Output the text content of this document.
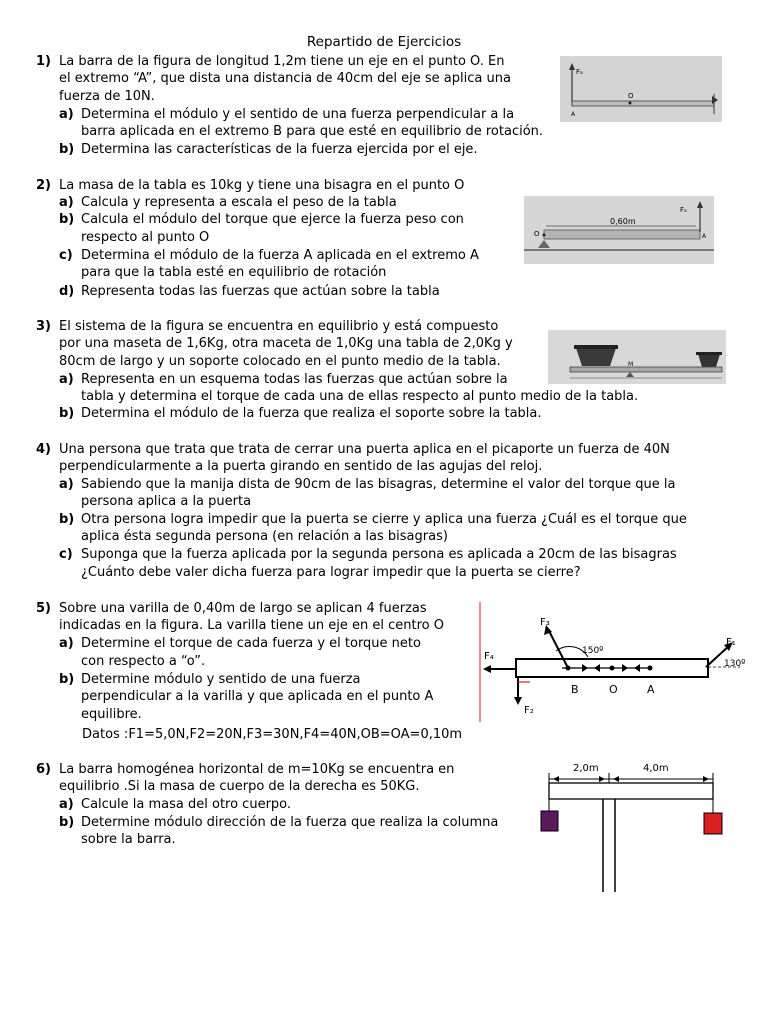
Repartido de Ejercicios
1) La barra de la figura de longitud 1,2m tiene un eje en el punto O. En
el extremo “A”, que dista una distancia de 40cm del eje se aplica una
fuerza de 10N.
a) Determina el módulo y el sentido de una fuerza perpendicular a la
barra aplicada en el extremo B para que esté en equilibrio de rotación.
b) Determina las características de la fuerza ejercida por el eje.
Fₐ
O
A
2) La masa de la tabla es 10kg y tiene una bisagra en el punto O
a) Calcula y representa a escala el peso de la tabla
b) Calcula el módulo del torque que ejerce la fuerza peso con
respecto al punto O
c) Determina el módulo de la fuerza A aplicada en el extremo A
para que la tabla esté en equilibrio de rotación
d) Representa todas las fuerzas que actúan sobre la tabla
0,60m
O
Fₐ
A
3) El sistema de la figura se encuentra en equilibrio y está compuesto
por una maseta de 1,6Kg, otra maceta de 1,0Kg una tabla de 2,0Kg y
80cm de largo y un soporte colocado en el punto medio de la tabla.
a) Representa en un esquema todas las fuerzas que actúan sobre la
tabla y determina el torque de cada una de ellas respecto al punto medio de la tabla.
b) Determina el módulo de la fuerza que realiza el soporte sobre la tabla.
M
4) Una persona que trata que trata de cerrar una puerta aplica en el picaporte un fuerza de 40N
perpendicularmente a la puerta girando en sentido de las agujas del reloj.
a) Sabiendo que la manija dista de 90cm de las bisagras, determine el valor del torque que la
persona aplica a la puerta
b) Otra persona logra impedir que la puerta se cierre y aplica una fuerza ¿Cuál es el torque que
aplica ésta segunda persona (en relación a las bisagras)
c) Suponga que la fuerza aplicada por la segunda persona es aplicada a 20cm de las bisagras
¿Cuánto debe valer dicha fuerza para lograr impedir que la puerta se cierre?
5) Sobre una varilla de 0,40m de largo se aplican 4 fuerzas
indicadas en la figura. La varilla tiene un eje en el centro O
a) Determine el torque de cada fuerza y el torque neto
con respecto a “o”.
b) Determine módulo y sentido de una fuerza
perpendicular a la varilla y que aplicada en el punto A
equilibre.
Datos :F1=5,0N,F2=20N,F3=30N,F4=40N,OB=OA=0,10m
B	O	A
F₃
150º
F₁
130º
F₄
F₂
6) La barra homogénea horizontal de m=10Kg se encuentra en
equilibrio .Si la masa de cuerpo de la derecha es 50KG.
a) Calcule la masa del otro cuerpo.
b) Determine módulo dirección de la fuerza que realiza la columna
sobre la barra.
2,0m	4,0m
